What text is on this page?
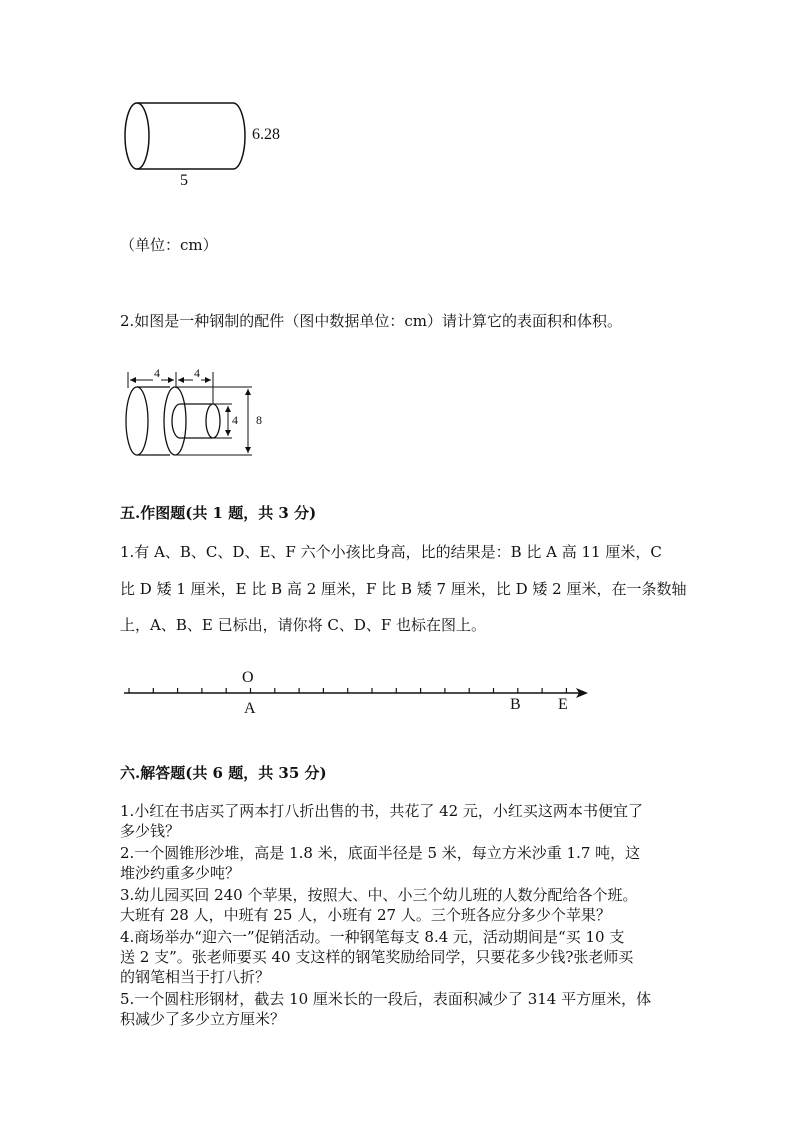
6.28
5
（单位：cm）
2.如图是一种钢制的配件（图中数据单位：cm）请计算它的表面积和体积。
4	4
4 8
五.作图题(共 1 题，共 3 分)
1.有 A、B、C、D、E、F 六个小孩比身高，比的结果是：B 比 A 高 11 厘米，C
比 D 矮 1 厘米，E 比 B 高 2 厘米，F 比 B 矮 7 厘米，比 D 矮 2 厘米，在一条数轴
上，A、B、E 已标出，请你将 C、D、F 也标在图上。
O
A	B E
六.解答题(共 6 题，共 35 分)
1.小红在书店买了两本打八折出售的书，共花了 42 元，小红买这两本书便宜了
多少钱？
2.一个圆锥形沙堆，高是 1.8 米，底面半径是 5 米，每立方米沙重 1.7 吨，这
堆沙约重多少吨？
3.幼儿园买回 240 个苹果，按照大、中、小三个幼儿班的人数分配给各个班。
大班有 28 人，中班有 25 人，小班有 27 人。三个班各应分多少个苹果？
4.商场举办“迎六一”促销活动。一种钢笔每支 8.4 元，活动期间是“买 10 支
送 2 支”。张老师要买 40 支这样的钢笔奖励给同学，只要花多少钱?张老师买
的钢笔相当于打八折？
5.一个圆柱形钢材，截去 10 厘米长的一段后，表面积减少了 314 平方厘米，体
积减少了多少立方厘米？
